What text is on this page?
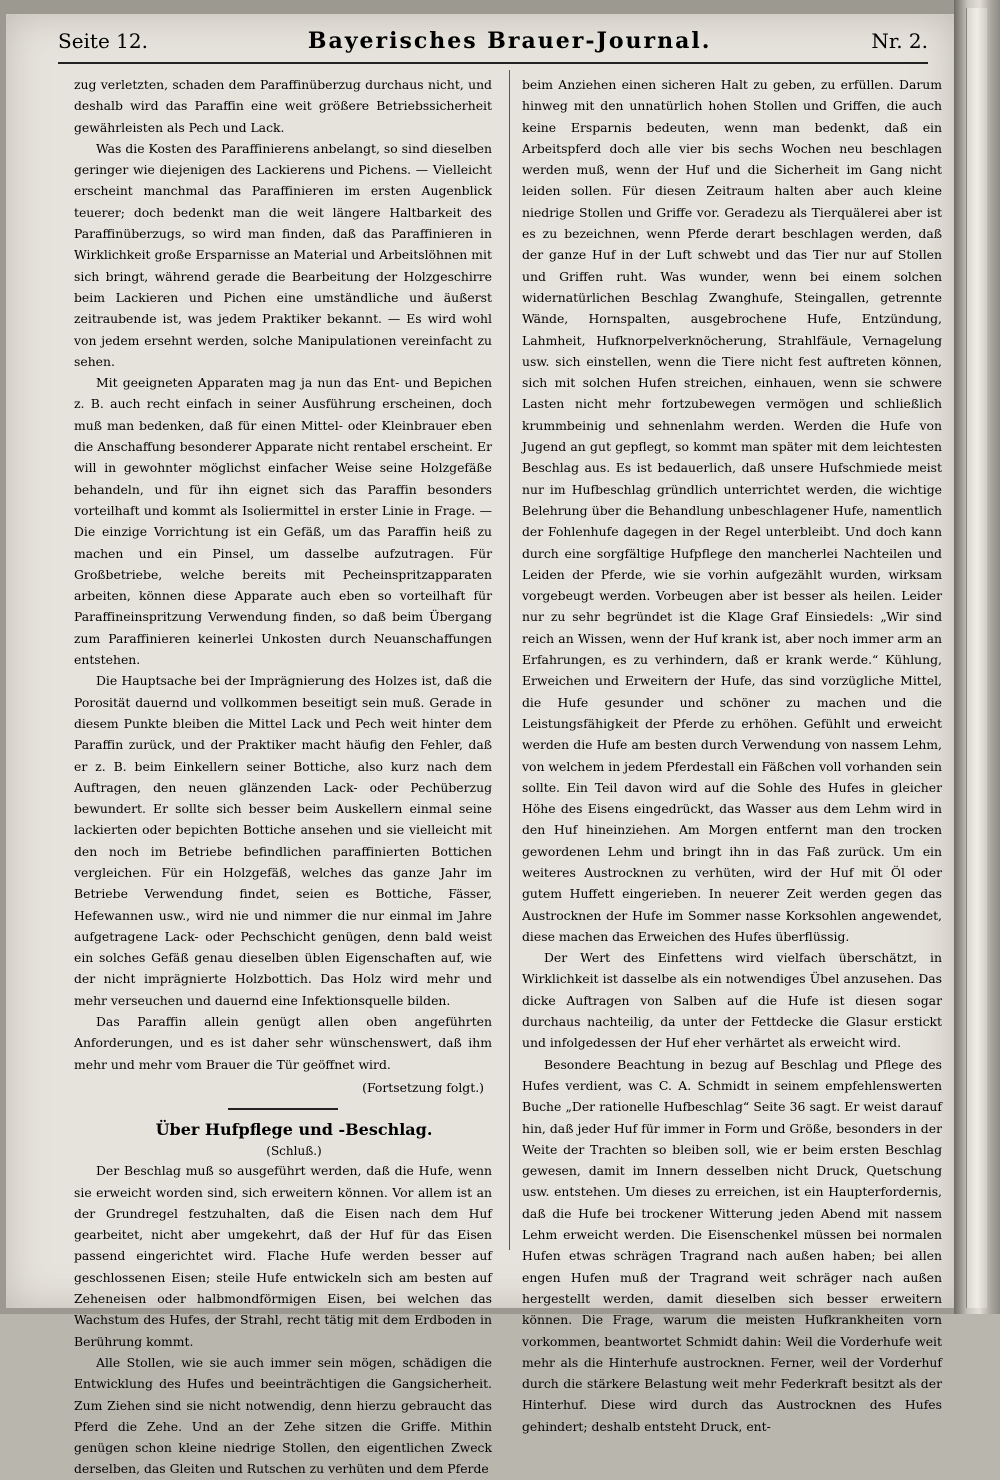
Seite 12.	Bayerisches Brauer-Journal.	Nr. 2.

zug verletzten, schaden dem Paraffinüberzug durchaus nicht, und deshalb wird das Paraffin eine weit größere Betriebssicherheit gewährleisten als Pech und Lack.

Was die Kosten des Paraffinierens anbelangt, so sind dieselben geringer wie diejenigen des Lackierens und Pichens. — Vielleicht erscheint manchmal das Paraffinieren im ersten Augenblick teuerer; doch bedenkt man die weit längere Haltbarkeit des Paraffinüberzugs, so wird man finden, daß das Paraffinieren in Wirklichkeit große Ersparnisse an Material und Arbeitslöhnen mit sich bringt, während gerade die Bearbeitung der Holzgeschirre beim Lackieren und Pichen eine umständliche und äußerst zeitraubende ist, was jedem Praktiker bekannt. — Es wird wohl von jedem ersehnt werden, solche Manipulationen vereinfacht zu sehen.

Mit geeigneten Apparaten mag ja nun das Ent- und Bepichen z. B. auch recht einfach in seiner Ausführung erscheinen, doch muß man bedenken, daß für einen Mittel- oder Kleinbrauer eben die Anschaffung besonderer Apparate nicht rentabel erscheint. Er will in gewohnter möglichst einfacher Weise seine Holzgefäße behandeln, und für ihn eignet sich das Paraffin besonders vorteilhaft und kommt als Isoliermittel in erster Linie in Frage. — Die einzige Vorrichtung ist ein Gefäß, um das Paraffin heiß zu machen und ein Pinsel, um dasselbe aufzutragen. Für Großbetriebe, welche bereits mit Pecheinspritzapparaten arbeiten, können diese Apparate auch eben so vorteilhaft für Paraffineinspritzung Verwendung finden, so daß beim Übergang zum Paraffinieren keinerlei Unkosten durch Neuanschaffungen entstehen.

Die Hauptsache bei der Imprägnierung des Holzes ist, daß die Porosität dauernd und vollkommen beseitigt sein muß. Gerade in diesem Punkte bleiben die Mittel Lack und Pech weit hinter dem Paraffin zurück, und der Praktiker macht häufig den Fehler, daß er z. B. beim Einkellern seiner Bottiche, also kurz nach dem Auftragen, den neuen glänzenden Lack- oder Pechüberzug bewundert. Er sollte sich besser beim Auskellern einmal seine lackierten oder bepichten Bottiche ansehen und sie vielleicht mit den noch im Betriebe befindlichen paraffinierten Bottichen vergleichen. Für ein Holzgefäß, welches das ganze Jahr im Betriebe Verwendung findet, seien es Bottiche, Fässer, Hefewannen usw., wird nie und nimmer die nur einmal im Jahre aufgetragene Lack- oder Pechschicht genügen, denn bald weist ein solches Gefäß genau dieselben üblen Eigenschaften auf, wie der nicht imprägnierte Holzbottich. Das Holz wird mehr und mehr verseuchen und dauernd eine Infektionsquelle bilden.

Das Paraffin allein genügt allen oben angeführten Anforderungen, und es ist daher sehr wünschenswert, daß ihm mehr und mehr vom Brauer die Tür geöffnet wird.

(Fortsetzung folgt.)

Über Hufpflege und -Beschlag.

(Schluß.)

Der Beschlag muß so ausgeführt werden, daß die Hufe, wenn sie erweicht worden sind, sich erweitern können. Vor allem ist an der Grundregel festzuhalten, daß die Eisen nach dem Huf gearbeitet, nicht aber umgekehrt, daß der Huf für das Eisen passend eingerichtet wird. Flache Hufe werden besser auf geschlossenen Eisen; steile Hufe entwickeln sich am besten auf Zeheneisen oder halbmondförmigen Eisen, bei welchen das Wachstum des Hufes, der Strahl, recht tätig mit dem Erdboden in Berührung kommt.

Alle Stollen, wie sie auch immer sein mögen, schädigen die Entwicklung des Hufes und beeinträchtigen die Gangsicherheit. Zum Ziehen sind sie nicht notwendig, denn hierzu gebraucht das Pferd die Zehe. Und an der Zehe sitzen die Griffe. Mithin genügen schon kleine niedrige Stollen, den eigentlichen Zweck derselben, das Gleiten und Rutschen zu verhüten und dem Pferde

beim Anziehen einen sicheren Halt zu geben, zu erfüllen. Darum hinweg mit den unnatürlich hohen Stollen und Griffen, die auch keine Ersparnis bedeuten, wenn man bedenkt, daß ein Arbeitspferd doch alle vier bis sechs Wochen neu beschlagen werden muß, wenn der Huf und die Sicherheit im Gang nicht leiden sollen. Für diesen Zeitraum halten aber auch kleine niedrige Stollen und Griffe vor. Geradezu als Tierquälerei aber ist es zu bezeichnen, wenn Pferde derart beschlagen werden, daß der ganze Huf in der Luft schwebt und das Tier nur auf Stollen und Griffen ruht. Was wunder, wenn bei einem solchen widernatürlichen Beschlag Zwanghufe, Steingallen, getrennte Wände, Hornspalten, ausgebrochene Hufe, Entzündung, Lahmheit, Hufknorpelverknöcherung, Strahlfäule, Vernagelung usw. sich einstellen, wenn die Tiere nicht fest auftreten können, sich mit solchen Hufen streichen, einhauen, wenn sie schwere Lasten nicht mehr fortzubewegen vermögen und schließlich krummbeinig und sehnenlahm werden. Werden die Hufe von Jugend an gut gepflegt, so kommt man später mit dem leichtesten Beschlag aus. Es ist bedauerlich, daß unsere Hufschmiede meist nur im Hufbeschlag gründlich unterrichtet werden, die wichtige Belehrung über die Behandlung unbeschlagener Hufe, namentlich der Fohlenhufe dagegen in der Regel unterbleibt. Und doch kann durch eine sorgfältige Hufpflege den mancherlei Nachteilen und Leiden der Pferde, wie sie vorhin aufgezählt wurden, wirksam vorgebeugt werden. Vorbeugen aber ist besser als heilen. Leider nur zu sehr begründet ist die Klage Graf Einsiedels: „Wir sind reich an Wissen, wenn der Huf krank ist, aber noch immer arm an Erfahrungen, es zu verhindern, daß er krank werde.“ Kühlung, Erweichen und Erweitern der Hufe, das sind vorzügliche Mittel, die Hufe gesunder und schöner zu machen und die Leistungsfähigkeit der Pferde zu erhöhen. Gefühlt und erweicht werden die Hufe am besten durch Verwendung von nassem Lehm, von welchem in jedem Pferdestall ein Fäßchen voll vorhanden sein sollte. Ein Teil davon wird auf die Sohle des Hufes in gleicher Höhe des Eisens eingedrückt, das Wasser aus dem Lehm wird in den Huf hineinziehen. Am Morgen entfernt man den trocken gewordenen Lehm und bringt ihn in das Faß zurück. Um ein weiteres Austrocknen zu verhüten, wird der Huf mit Öl oder gutem Huffett eingerieben. In neuerer Zeit werden gegen das Austrocknen der Hufe im Sommer nasse Korksohlen angewendet, diese machen das Erweichen des Hufes überflüssig.

Der Wert des Einfettens wird vielfach überschätzt, in Wirklichkeit ist dasselbe als ein notwendiges Übel anzusehen. Das dicke Auftragen von Salben auf die Hufe ist diesen sogar durchaus nachteilig, da unter der Fettdecke die Glasur erstickt und infolgedessen der Huf eher verhärtet als erweicht wird.

Besondere Beachtung in bezug auf Beschlag und Pflege des Hufes verdient, was C. A. Schmidt in seinem empfehlenswerten Buche „Der rationelle Hufbeschlag“ Seite 36 sagt. Er weist darauf hin, daß jeder Huf für immer in Form und Größe, besonders in der Weite der Trachten so bleiben soll, wie er beim ersten Beschlag gewesen, damit im Innern desselben nicht Druck, Quetschung usw. entstehen. Um dieses zu erreichen, ist ein Haupterfordernis, daß die Hufe bei trockener Witterung jeden Abend mit nassem Lehm erweicht werden. Die Eisenschenkel müssen bei normalen Hufen etwas schrägen Tragrand nach außen haben; bei allen engen Hufen muß der Tragrand weit schräger nach außen hergestellt werden, damit dieselben sich besser erweitern können. Die Frage, warum die meisten Hufkrankheiten vorn vorkommen, beantwortet Schmidt dahin: Weil die Vorderhufe weit mehr als die Hinterhufe austrocknen. Ferner, weil der Vorderhuf durch die stärkere Belastung weit mehr Federkraft besitzt als der Hinterhuf. Diese wird durch das Austrocknen des Hufes gehindert; deshalb entsteht Druck, ent-
